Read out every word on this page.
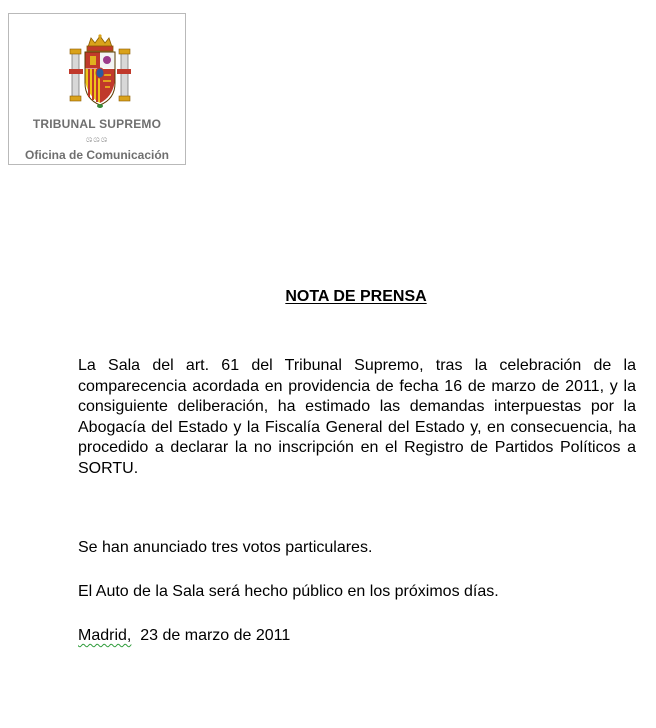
TRIBUNAL SUPREMO
ශශශ
Oficina de Comunicación
NOTA DE PRENSA

La Sala del art. 61 del Tribunal Supremo, tras la celebración de la comparecencia acordada en providencia de fecha 16 de marzo de 2011, y la consiguiente deliberación, ha estimado las demandas interpuestas por la Abogacía del Estado y la Fiscalía General del Estado y, en consecuencia, ha procedido a declarar la no inscripción en el Registro de Partidos Políticos a SORTU.

Se han anunciado tres votos particulares.

El Auto de la Sala será hecho público en los próximos días.

Madrid,  23 de marzo de 2011
